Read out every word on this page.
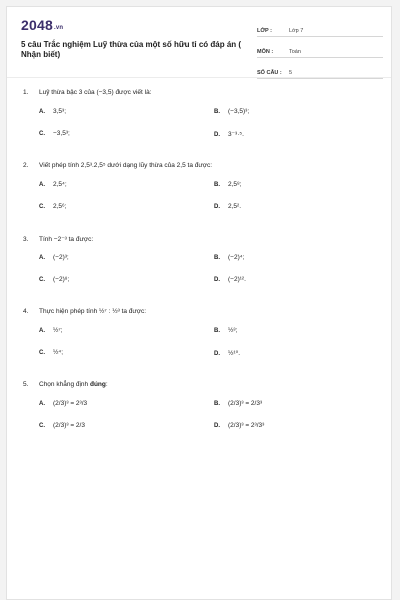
2048.vn
5 câu Trắc nghiệm Luỹ thừa của một số hữu tỉ có đáp án ( Nhận biết)
LỚP :	Lớp 7
MÔN :	Toán
SỐ CÂU : 5
1. Luỹ thừa bậc 3 của (−3,5) được viết là:
A. 3,5³;	B. (−3,5)³;
C. −3,5³;	D. 3⁻³·⁵.
2. Viết phép tính 2,5³.2,5⁵ dưới dạng lũy thừa của 2,5 ta được:
A. 2,5⁴;	B. 2,5⁸;
C. 2,5⁶;	D. 2,5².
3. Tính −2⁻³ ta được:
A. (−2)³;	B. (−2)⁴;
C. (−2)⁸;	D. (−2)¹².
4. Thực hiện phép tính ½⁷ : ½³ ta được:
A. ½⁷;	B. ½³;
C. ½⁴;	D. ½¹⁰.
5. Chọn khẳng định đúng:
A. (2/3)³ = 2³/3	B. (2/3)³ = 2/3³
C. (2/3)³ = 2/3	D. (2/3)³ = 2³/3³
